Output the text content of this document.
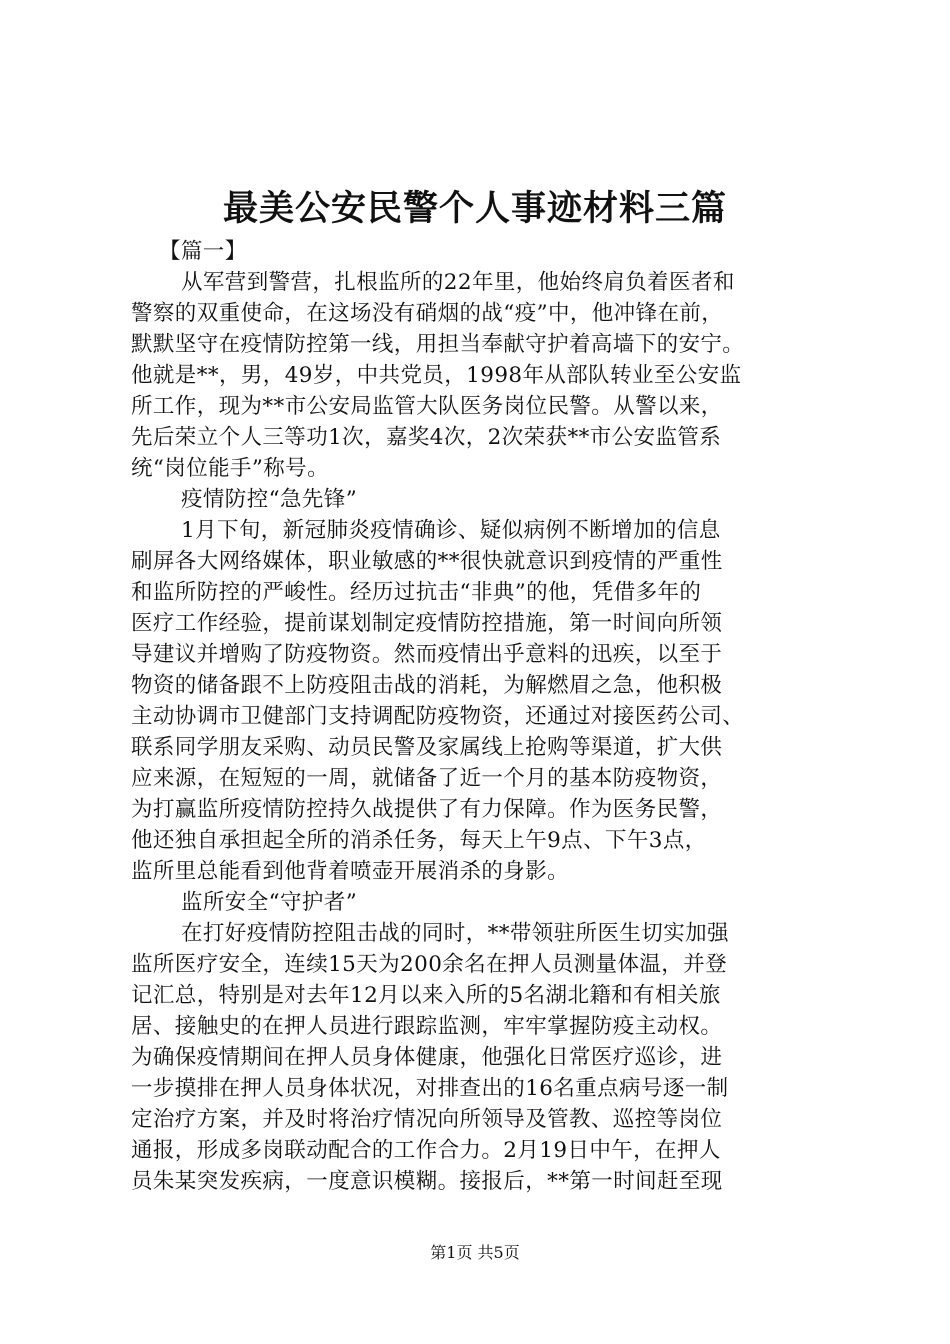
最美公安民警个人事迹材料三篇
【篇一】
从军营到警营，扎根监所的22年里，他始终肩负着医者和
警察的双重使命，在这场没有硝烟的战“疫”中，他冲锋在前，
默默坚守在疫情防控第一线，用担当奉献守护着高墙下的安宁。
他就是**，男，49岁，中共党员，1998年从部队转业至公安监
所工作，现为**市公安局监管大队医务岗位民警。从警以来，
先后荣立个人三等功1次，嘉奖4次，2次荣获**市公安监管系
统“岗位能手”称号。
疫情防控“急先锋”
1月下旬，新冠肺炎疫情确诊、疑似病例不断增加的信息
刷屏各大网络媒体，职业敏感的**很快就意识到疫情的严重性
和监所防控的严峻性。经历过抗击“非典”的他，凭借多年的
医疗工作经验，提前谋划制定疫情防控措施，第一时间向所领
导建议并增购了防疫物资。然而疫情出乎意料的迅疾，以至于
物资的储备跟不上防疫阻击战的消耗，为解燃眉之急，他积极
主动协调市卫健部门支持调配防疫物资，还通过对接医药公司、
联系同学朋友采购、动员民警及家属线上抢购等渠道，扩大供
应来源，在短短的一周，就储备了近一个月的基本防疫物资，
为打赢监所疫情防控持久战提供了有力保障。作为医务民警，
他还独自承担起全所的消杀任务，每天上午9点、下午3点，
监所里总能看到他背着喷壶开展消杀的身影。
监所安全“守护者”
在打好疫情防控阻击战的同时，**带领驻所医生切实加强
监所医疗安全，连续15天为200余名在押人员测量体温，并登
记汇总，特别是对去年12月以来入所的5名湖北籍和有相关旅
居、接触史的在押人员进行跟踪监测，牢牢掌握防疫主动权。
为确保疫情期间在押人员身体健康，他强化日常医疗巡诊，进
一步摸排在押人员身体状况，对排查出的16名重点病号逐一制
定治疗方案，并及时将治疗情况向所领导及管教、巡控等岗位
通报，形成多岗联动配合的工作合力。2月19日中午，在押人
员朱某突发疾病，一度意识模糊。接报后，**第一时间赶至现
第1页 共5页
